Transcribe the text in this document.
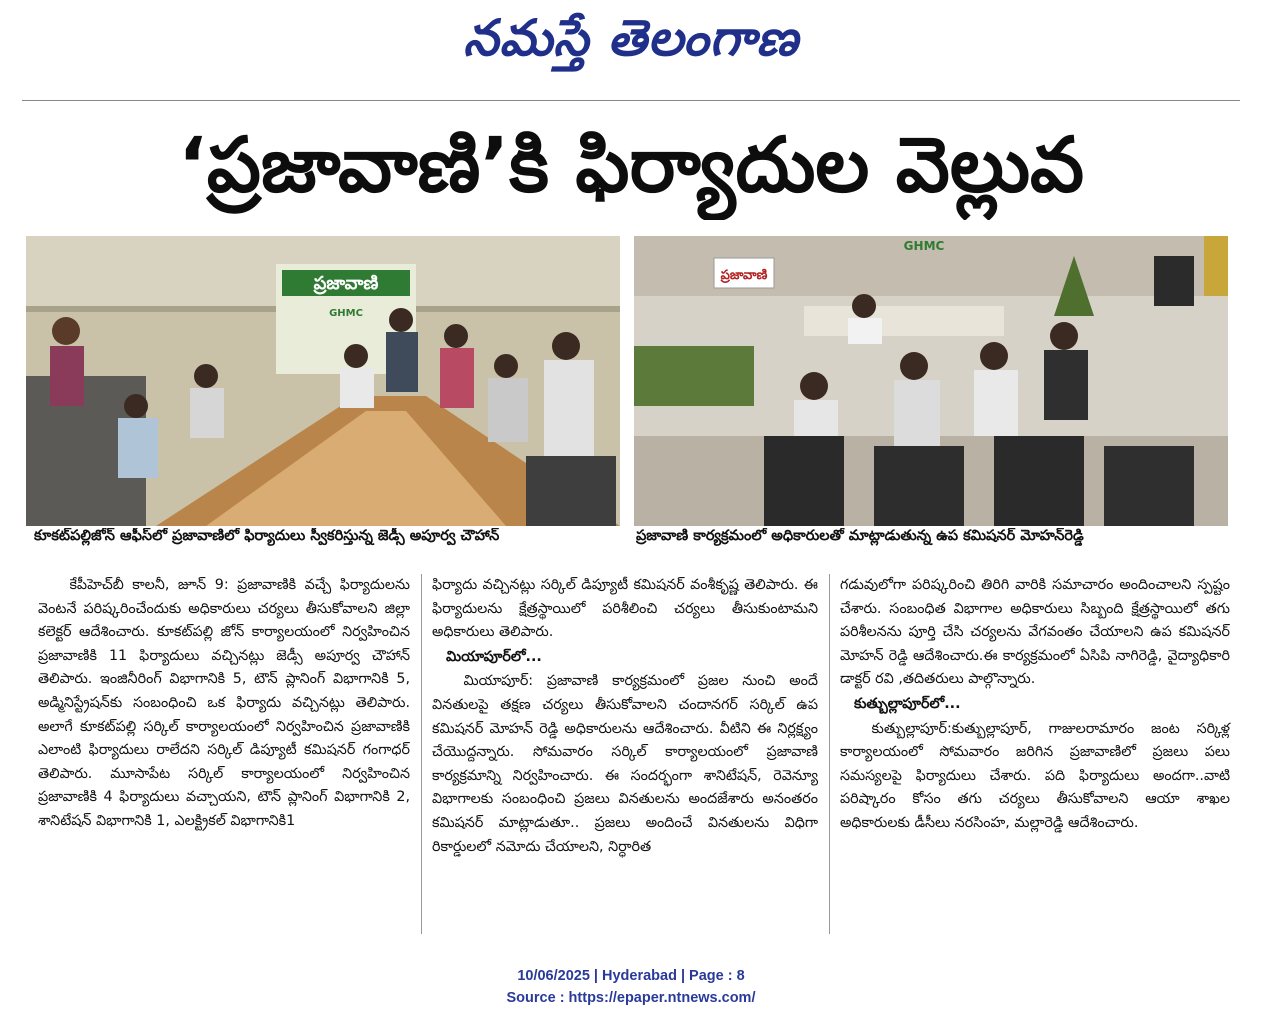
నమస్తే తెలంగాణ
‘ప్రజావాణి’కి ఫిర్యాదుల వెల్లువ
ప్రజావాణి
GHMC
ప్రజావాణి
GHMC
కూకట్‌పల్లిజోన్ ఆఫీస్‌లో ప్రజావాణిలో ఫిర్యాదులు స్వీకరిస్తున్న జెడ్సీ అపూర్వ చౌహాన్	ప్రజావాణి కార్యక్రమంలో అధికారులతో మాట్లాడుతున్న ఉప కమిషనర్ మోహన్‌రెడ్డి

కేపీహెచ్‌బీ కాలనీ, జూన్ 9: ప్రజావాణికి వచ్చే ఫిర్యాదులను వెంటనే పరిష్కరించేందుకు అధికారులు చర్యలు తీసుకోవాలని జిల్లా కలెక్టర్ ఆదేశించారు. కూకట్‌పల్లి జోన్ కార్యాలయంలో నిర్వహించిన ప్రజావాణికి 11 ఫిర్యాదులు వచ్చినట్లు జెడ్సీ అపూర్వ చౌహాన్ తెలిపారు. ఇంజినీరింగ్ విభాగానికి 5, టౌన్ ప్లానింగ్ విభాగానికి 5, అడ్మినిస్ట్రేషన్‌కు సంబంధించి ఒక ఫిర్యాదు వచ్చినట్లు తెలిపారు. అలాగే కూకట్‌పల్లి సర్కిల్ కార్యాలయంలో నిర్వహించిన ప్రజావాణికి ఎలాంటి ఫిర్యాదులు రాలేదని సర్కిల్ డిప్యూటీ కమిషనర్ గంగాధర్ తెలిపారు. మూసాపేట సర్కిల్ కార్యాలయంలో నిర్వహించిన ప్రజావాణికి 4 ఫిర్యాదులు వచ్చాయని, టౌన్ ప్లానింగ్ విభాగానికి 2, శానిటేషన్ విభాగానికి 1, ఎలక్ట్రికల్ విభాగానికి1

ఫిర్యాదు వచ్చినట్లు సర్కిల్ డిప్యూటీ కమిషనర్ వంశీకృష్ణ తెలిపారు. ఈ ఫిర్యాదులను క్షేత్రస్థాయిలో పరిశీలించి చర్యలు తీసుకుంటామని అధికారులు తెలిపారు.

మియాపూర్‌లో...

మియాపూర్: ప్రజావాణి కార్యక్రమంలో ప్రజల నుంచి అందే వినతులపై తక్షణ చర్యలు తీసుకోవాలని చందానగర్ సర్కిల్ ఉప కమిషనర్ మోహన్ రెడ్డి అధికారులను ఆదేశించారు. వీటిని ఈ నిర్లక్ష్యం చేయొద్దన్నారు. సోమవారం సర్కిల్ కార్యాలయంలో ప్రజావాణి కార్యక్రమాన్ని నిర్వహించారు. ఈ సందర్భంగా శానిటేషన్, రెవెన్యూ విభాగాలకు సంబంధించి ప్రజలు వినతులను అందజేశారు అనంతరం కమిషనర్ మాట్లాడుతూ.. ప్రజలు అందించే వినతులను విధిగా రికార్డులలో నమోదు చేయాలని, నిర్ధారిత

గడువులోగా పరిష్కరించి తిరిగి వారికి సమాచారం అందించాలని స్పష్టం చేశారు. సంబంధిత విభాగాల అధికారులు సిబ్బంది క్షేత్రస్థాయిలో తగు పరిశీలనను పూర్తి చేసి చర్యలను వేగవంతం చేయాలని ఉప కమిషనర్ మోహన్ రెడ్డి ఆదేశించారు.ఈ కార్యక్రమంలో ఏసిపి నాగిరెడ్డి, వైద్యాధికారి డాక్టర్ రవి ,తదితరులు పాల్గొన్నారు.

కుత్బుల్లాపూర్‌లో...

కుత్బుల్లాపూర్:కుత్బుల్లాపూర్, గాజులరామారం జంట సర్కిళ్ల కార్యాలయంలో సోమవారం జరిగిన ప్రజావాణిలో ప్రజలు పలు సమస్యలపై ఫిర్యాదులు చేశారు. పది ఫిర్యాదులు అందగా..వాటి పరిష్కారం కోసం తగు చర్యలు తీసుకోవాలని ఆయా శాఖల అధికారులకు డీసీలు నరసింహ, మల్లారెడ్డి ఆదేశించారు.

10/06/2025 | Hyderabad | Page : 8
Source : https://epaper.ntnews.com/
